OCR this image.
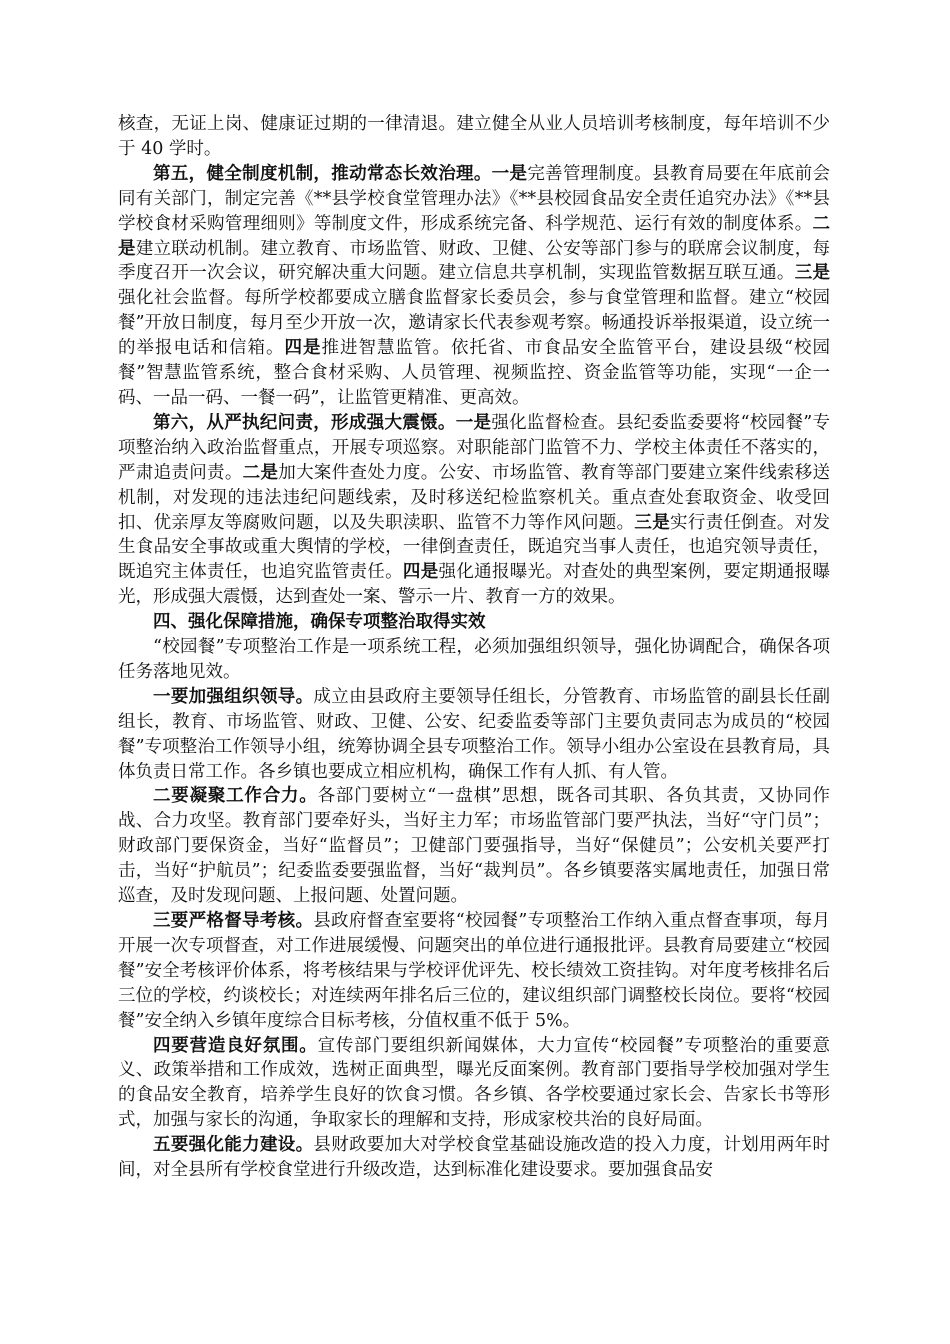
核查，无证上岗、健康证过期的一律清退。建立健全从业人员培训考核制度，每年培训不少于 40 学时。

第五，健全制度机制，推动常态长效治理。一是完善管理制度。县教育局要在年底前会同有关部门，制定完善《**县学校食堂管理办法》《**县校园食品安全责任追究办法》《**县学校食材采购管理细则》等制度文件，形成系统完备、科学规范、运行有效的制度体系。二是建立联动机制。建立教育、市场监管、财政、卫健、公安等部门参与的联席会议制度，每季度召开一次会议，研究解决重大问题。建立信息共享机制，实现监管数据互联互通。三是强化社会监督。每所学校都要成立膳食监督家长委员会，参与食堂管理和监督。建立“校园餐”开放日制度，每月至少开放一次，邀请家长代表参观考察。畅通投诉举报渠道，设立统一的举报电话和信箱。四是推进智慧监管。依托省、市食品安全监管平台，建设县级“校园餐”智慧监管系统，整合食材采购、人员管理、视频监控、资金监管等功能，实现“一企一码、一品一码、一餐一码”，让监管更精准、更高效。

第六，从严执纪问责，形成强大震慑。一是强化监督检查。县纪委监委要将“校园餐”专项整治纳入政治监督重点，开展专项巡察。对职能部门监管不力、学校主体责任不落实的，严肃追责问责。二是加大案件查处力度。公安、市场监管、教育等部门要建立案件线索移送机制，对发现的违法违纪问题线索，及时移送纪检监察机关。重点查处套取资金、收受回扣、优亲厚友等腐败问题，以及失职渎职、监管不力等作风问题。三是实行责任倒查。对发生食品安全事故或重大舆情的学校，一律倒查责任，既追究当事人责任，也追究领导责任，既追究主体责任，也追究监管责任。四是强化通报曝光。对查处的典型案例，要定期通报曝光，形成强大震慑，达到查处一案、警示一片、教育一方的效果。

四、强化保障措施，确保专项整治取得实效

“校园餐”专项整治工作是一项系统工程，必须加强组织领导，强化协调配合，确保各项任务落地见效。

一要加强组织领导。成立由县政府主要领导任组长，分管教育、市场监管的副县长任副组长，教育、市场监管、财政、卫健、公安、纪委监委等部门主要负责同志为成员的“校园餐”专项整治工作领导小组，统筹协调全县专项整治工作。领导小组办公室设在县教育局，具体负责日常工作。各乡镇也要成立相应机构，确保工作有人抓、有人管。

二要凝聚工作合力。各部门要树立“一盘棋”思想，既各司其职、各负其责，又协同作战、合力攻坚。教育部门要牵好头，当好主力军；市场监管部门要严执法，当好“守门员”；财政部门要保资金，当好“监督员”；卫健部门要强指导，当好“保健员”；公安机关要严打击，当好“护航员”；纪委监委要强监督，当好“裁判员”。各乡镇要落实属地责任，加强日常巡查，及时发现问题、上报问题、处置问题。

三要严格督导考核。县政府督查室要将“校园餐”专项整治工作纳入重点督查事项，每月开展一次专项督查，对工作进展缓慢、问题突出的单位进行通报批评。县教育局要建立“校园餐”安全考核评价体系，将考核结果与学校评优评先、校长绩效工资挂钩。对年度考核排名后三位的学校，约谈校长；对连续两年排名后三位的，建议组织部门调整校长岗位。要将“校园餐”安全纳入乡镇年度综合目标考核，分值权重不低于 5%。

四要营造良好氛围。宣传部门要组织新闻媒体，大力宣传“校园餐”专项整治的重要意义、政策举措和工作成效，选树正面典型，曝光反面案例。教育部门要指导学校加强对学生的食品安全教育，培养学生良好的饮食习惯。各乡镇、各学校要通过家长会、告家长书等形式，加强与家长的沟通，争取家长的理解和支持，形成家校共治的良好局面。

五要强化能力建设。县财政要加大对学校食堂基础设施改造的投入力度，计划用两年时间，对全县所有学校食堂进行升级改造，达到标准化建设要求。要加强食品安
